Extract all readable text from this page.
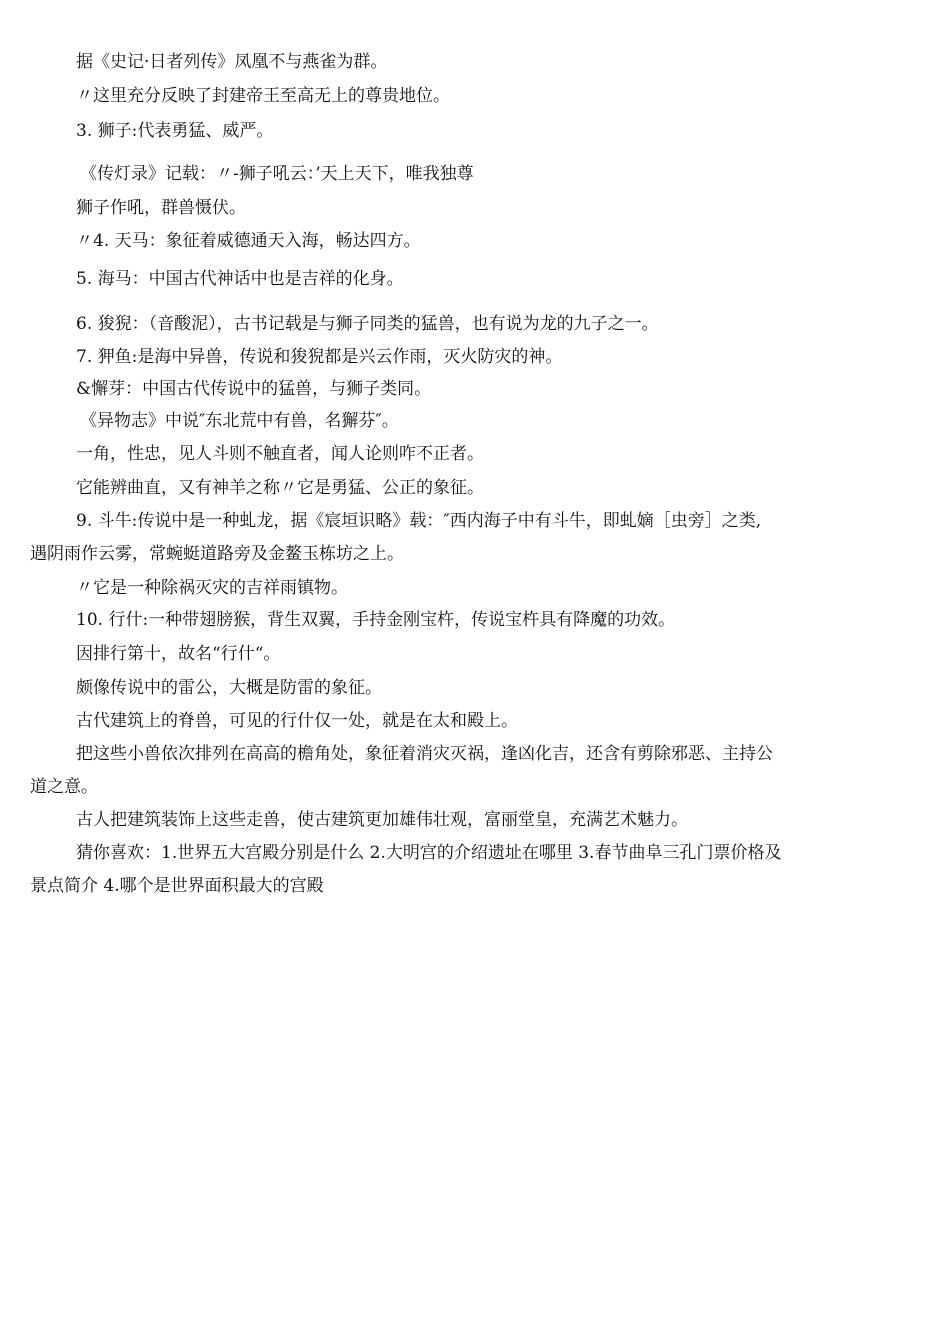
据《史记·日者列传》凤凰不与燕雀为群。
〃这里充分反映了封建帝王至高无上的尊贵地位。
3. 狮子:代表勇猛、威严。
《传灯录》记载：〃-狮子吼云：’天上天下，唯我独尊
狮子作吼，群兽慑伏。
〃4. 天马：象征着威德通天入海，畅达四方。
5. 海马：中国古代神话中也是吉祥的化身。
6. 狻猊：（音酸泥），古书记载是与狮子同类的猛兽，也有说为龙的九子之一。
7. 狎鱼:是海中异兽，传说和狻猊都是兴云作雨，灭火防灾的神。
&懈芽：中国古代传说中的猛兽，与狮子类同。
《异物志》中说″东北荒中有兽，名獬芬″。
一角，性忠，见人斗则不触直者，闻人论则咋不正者。
它能辨曲直，又有神羊之称〃它是勇猛、公正的象征。
9. 斗牛:传说中是一种虬龙，据《宸垣识略》载：″西内海子中有斗牛，即虬嫡［虫旁］之类,
遇阴雨作云雾，常蜿蜓道路旁及金鳌玉栋坊之上。
〃它是一种除祸灭灾的吉祥雨镇物。
10. 行什:一种带翅膀猴，背生双翼，手持金刚宝杵，传说宝杵具有降魔的功效。
因排行第十，故名“行什“。
颇像传说中的雷公，大概是防雷的象征。
古代建筑上的脊兽，可见的行什仅一处，就是在太和殿上。
把这些小兽依次排列在高高的檐角处，象征着消灾灭祸，逢凶化吉，还含有剪除邪恶、主持公
道之意。
古人把建筑装饰上这些走兽，使古建筑更加雄伟壮观，富丽堂皇，充满艺术魅力。
猜你喜欢：1.世界五大宫殿分别是什么 2.大明宫的介绍遗址在哪里 3.春节曲阜三孔门票价格及
景点简介 4.哪个是世界面积最大的宫殿
